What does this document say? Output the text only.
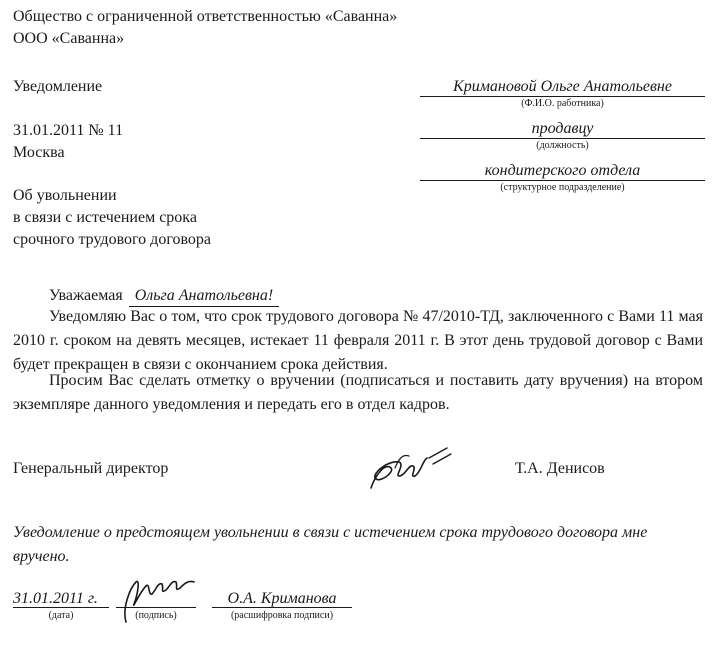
Общество с ограниченной ответственностью «Саванна»
ООО «Саванна»
Уведомление
31.01.2011 № 11
Москва
Об увольнении
в связи с истечением срока
срочного трудового договора
Кримановой Ольге Анатольевне
(Ф.И.О. работника)
продавцу
(должность)
кондитерского отдела
(структурное подразделение)
Уважаемая Ольга Анатольевна!
Уведомляю Вас о том, что срок трудового договора № 47/2010-ТД, заключенного с Вами 11 мая 2010 г. сроком на девять месяцев, истекает 11 февраля 2011 г. В этот день трудовой договор с Вами будет прекращен в связи с окончанием срока действия.
Просим Вас сделать отметку о вручении (подписаться и поставить дату вручения) на втором экземпляре данного уведомления и передать его в отдел кадров.
Генеральный директор	Т.А. Денисов
Уведомление о предстоящем увольнении в связи с истечением срока трудового договора мне вручено.
31.01.2011 г.
(дата)	(подпись)
О.А. Криманова
(расшифровка подписи)
